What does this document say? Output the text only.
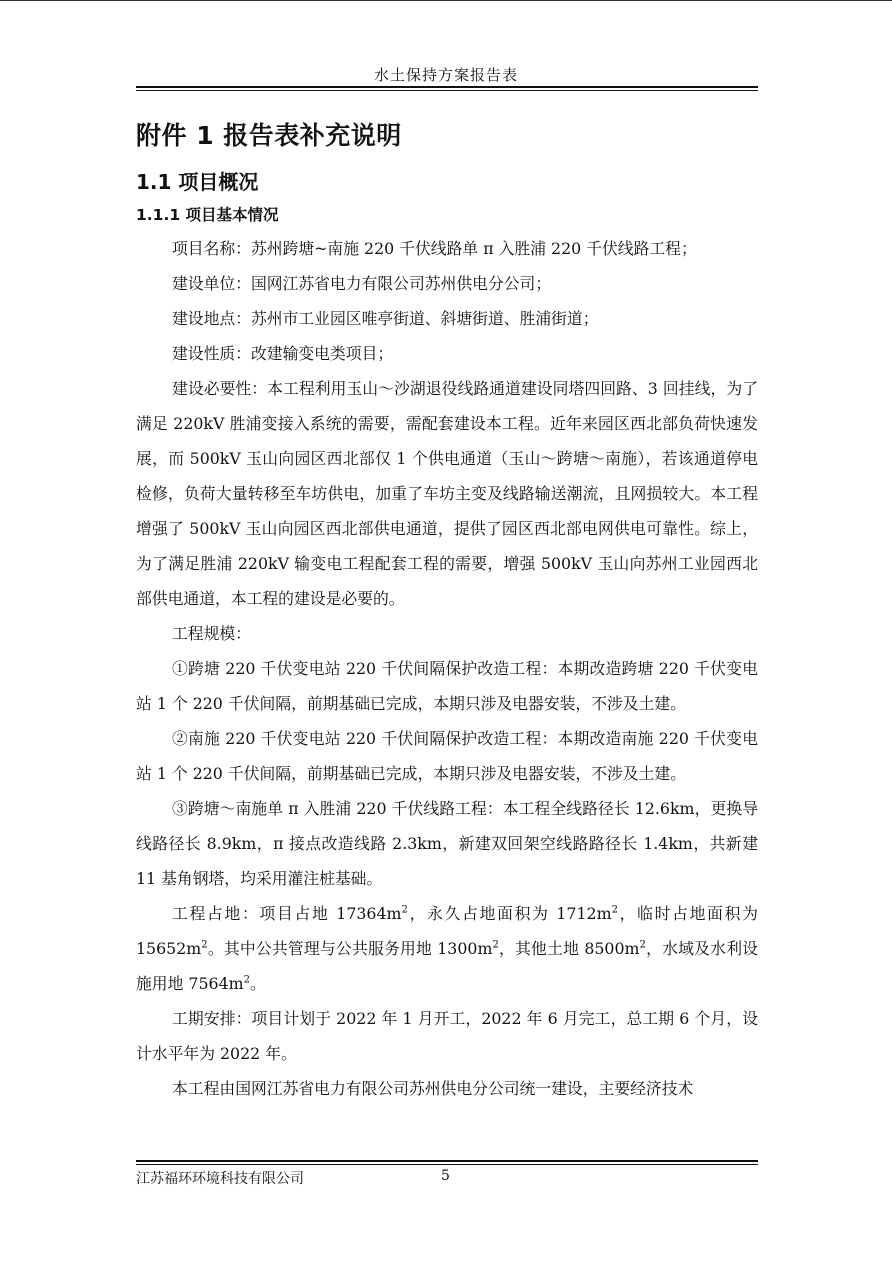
水土保持方案报告表
附件 1 报告表补充说明
1.1 项目概况
1.1.1 项目基本情况

项目名称：苏州跨塘~南施 220 千伏线路单 π 入胜浦 220 千伏线路工程；

建设单位：国网江苏省电力有限公司苏州供电分公司；

建设地点：苏州市工业园区唯亭街道、斜塘街道、胜浦街道；

建设性质：改建输变电类项目；

建设必要性：本工程利用玉山～沙湖退役线路通道建设同塔四回路、3 回挂线，为了满足 220kV 胜浦变接入系统的需要，需配套建设本工程。近年来园区西北部负荷快速发展，而 500kV 玉山向园区西北部仅 1 个供电通道（玉山～跨塘～南施），若该通道停电检修，负荷大量转移至车坊供电，加重了车坊主变及线路输送潮流，且网损较大。本工程增强了 500kV 玉山向园区西北部供电通道，提供了园区西北部电网供电可靠性。综上，为了满足胜浦 220kV 输变电工程配套工程的需要，增强 500kV 玉山向苏州工业园西北部供电通道，本工程的建设是必要的。

工程规模：

①跨塘 220 千伏变电站 220 千伏间隔保护改造工程：本期改造跨塘 220 千伏变电站 1 个 220 千伏间隔，前期基础已完成，本期只涉及电器安装，不涉及土建。

②南施 220 千伏变电站 220 千伏间隔保护改造工程：本期改造南施 220 千伏变电站 1 个 220 千伏间隔，前期基础已完成，本期只涉及电器安装，不涉及土建。

③跨塘～南施单 π 入胜浦 220 千伏线路工程：本工程全线路径长 12.6km，更换导线路径长 8.9km，π 接点改造线路 2.3km，新建双回架空线路路径长 1.4km，共新建 11 基角钢塔，均采用灌注桩基础。

工程占地：项目占地 $17364m^2$，永久占地面积为 $1712m^2$，临时占地面积为 $15652m^2$。其中公共管理与公共服务用地 $1300m^2$，其他土地 $8500m^2$，水域及水利设施用地 $7564m^2$。

工期安排：项目计划于 2022 年 1 月开工，2022 年 6 月完工，总工期 6 个月，设计水平年为 2022 年。

本工程由国网江苏省电力有限公司苏州供电分公司统一建设，主要经济技术

江苏福环环境科技有限公司	5
